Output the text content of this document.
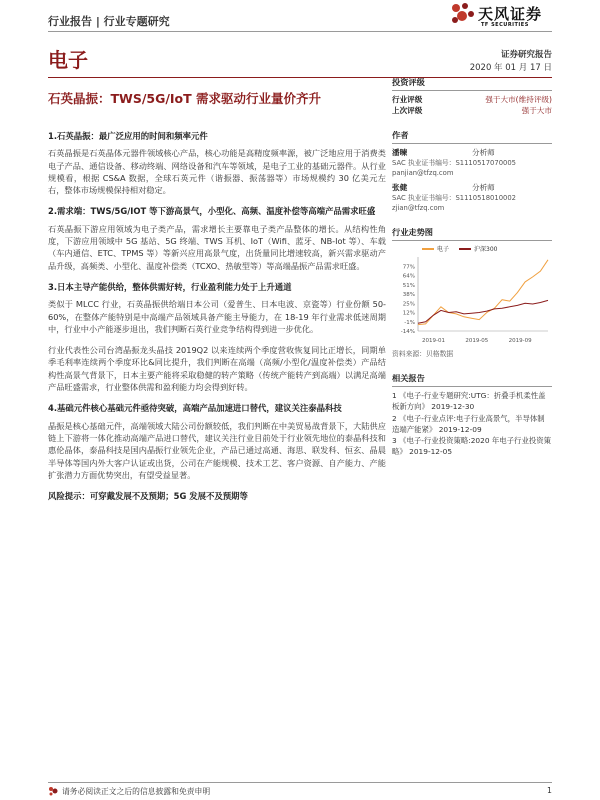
行业报告 | 行业专题研究	天风证券
TF SECURITIES
电子	证券研究报告
2020 年 01 月 17 日
石英晶振：TWS/5G/IoT 需求驱动行业量价齐升
1.石英晶振：最广泛应用的时间和频率元件

石英晶振是石英晶体元器件领域核心产品，核心功能是高精度频率源，被广泛地应用于消费类电子产品、通信设备、移动终端、网络设备和汽车等领域，是电子工业的基础元器件。从行业规模看，根据 CS&A 数据，全球石英元件（谐振器、振荡器等）市场规模约 30 亿美元左右，整体市场规模保持相对稳定。

2.需求端：TWS/5G/IOT 等下游高景气，小型化、高频、温度补偿等高端产品需求旺盛

石英晶振下游应用领域为电子类产品，需求增长主要靠电子类产品整体的增长。从结构性角度，下游应用领域中 5G 基站、5G 终端、TWS 耳机、IoT（Wifi、蓝牙、NB-Iot 等）、车载（车内通信、ETC、TPMS 等）等新兴应用高景气度，出货量同比增速较高，新兴需求驱动产品升级，高频类、小型化、温度补偿类（TCXO、热敏型等）等高端晶振产品需求旺盛。

3.日本主导产能供给，整体供需好转，行业盈利能力处于上升通道

类似于 MLCC 行业，石英晶振供给端日本公司（爱普生、日本电波、京瓷等）行业份额 50-60%，在整体产能特别是中高端产品领域具备产能主导能力，在 18-19 年行业需求低迷周期中，行业中小产能逐步退出，我们判断石英行业竞争结构得到进一步优化。

行业代表性公司台湾晶振龙头晶技 2019Q2 以来连续两个季度营收恢复同比正增长，同期单季毛利率连续两个季度环比&同比提升，我们判断在高端（高频/小型化/温度补偿类）产品结构性高景气背景下，日本主要产能将采取稳健的转产策略（传统产能转产到高端）以满足高端产品旺盛需求，行业整体供需和盈利能力均会得到好转。

4.基础元件核心基础元件亟待突破，高端产品加速进口替代，建议关注泰晶科技

晶振是核心基础元件，高端领域大陆公司份额较低，我们判断在中美贸易战背景下，大陆供应链上下游将一体化推动高端产品进口替代，建议关注行业目前处于行业领先地位的泰晶科技和惠伦晶体，泰晶科技是国内晶振行业领先企业，产品已通过高通、海思、联发科、恒玄、晶晨半导体等国内外大客户认证或出货，公司在产能规模、技术工艺、客户资源、自产能力、产能扩张潜力方面优势突出，有望受益显著。

风险提示：可穿戴发展不及预期；5G 发展不及预期等
投资评级
行业评级	强于大市(维持评级)
上次评级	强于大市
作者
潘暕	分析师
SAC 执业证书编号：S1110517070005
panjian@tfzq.com
张健	分析师
SAC 执业证书编号：S1110518010002
zjian@tfzq.com
行业走势图
电子	沪深300
77%
64%
51%
38%
25%
12%
-1%
-14%
2019-01	2019-05	2019-09
资料来源：贝格数据
相关报告
1 《电子-行业专题研究:UTG：折叠手机柔性盖板新方向》 2019-12-30
2 《电子-行业点评:电子行业高景气，半导体制造端产能紧》 2019-12-09
3 《电子-行业投资策略:2020 年电子行业投资策略》 2019-12-05
请务必阅读正文之后的信息披露和免责申明	1
